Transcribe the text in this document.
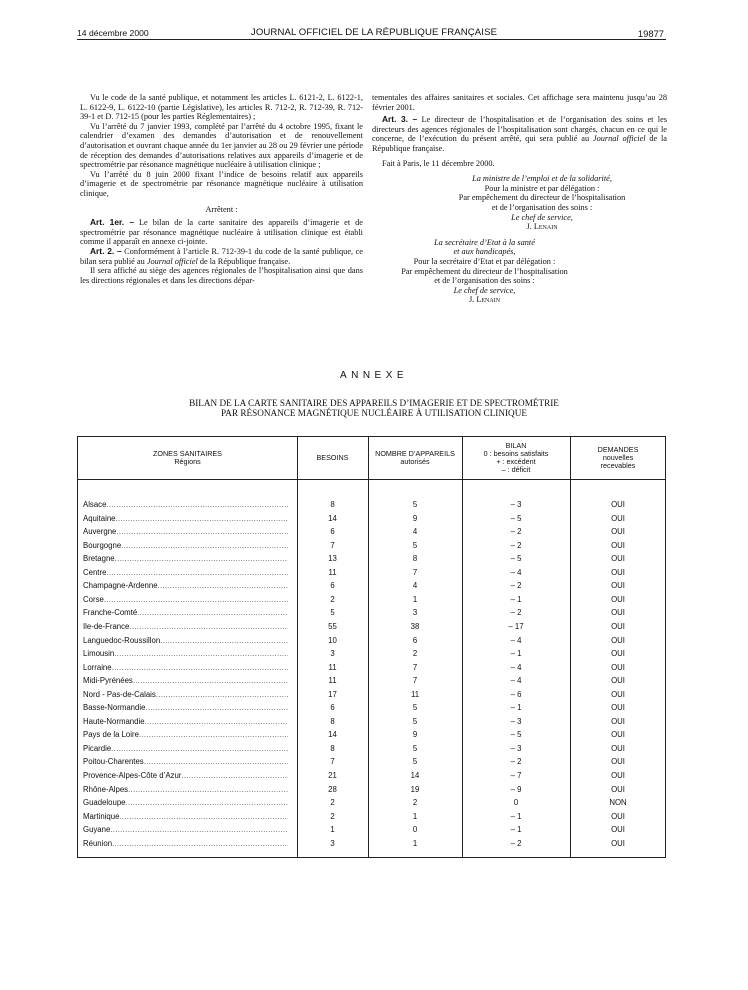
14 décembre 2000	JOURNAL OFFICIEL DE LA RÉPUBLIQUE FRANÇAISE	19877

Vu le code de la santé publique, et notamment les articles L. 6121-2, L. 6122-1, L. 6122-9, L. 6122-10 (partie Législative), les articles R. 712-2, R. 712-39, R. 712-39-1 et D. 712-15 (pour les parties Réglementaires) ;

Vu l’arrêté du 7 janvier 1993, complété par l’arrêté du 4 octobre 1995, fixant le calendrier d’examen des demandes d’autorisation et de renouvellement d’autorisation et ouvrant chaque année du 1er janvier au 28 ou 29 février une période de réception des demandes d’autorisations relatives aux appareils d’imagerie et de spectrométrie par résonance magnétique nucléaire à utilisation clinique ;

Vu l’arrêté du 8 juin 2000 fixant l’indice de besoins relatif aux appareils d’imagerie et de spectrométrie par résonance magnétique nucléaire à utilisation clinique,

Arrêtent :

Art. 1er. – Le bilan de la carte sanitaire des appareils d’imagerie et de spectrométrie par résonance magnétique nucléaire à utilisation clinique est établi comme il apparaît en annexe ci-jointe.

Art. 2. – Conformément à l’article R. 712-39-1 du code de la santé publique, ce bilan sera publié au Journal officiel de la République française.

Il sera affiché au siège des agences régionales de l’hospitalisation ainsi que dans les directions régionales et dans les directions dépar-

tementales des affaires sanitaires et sociales. Cet affichage sera maintenu jusqu’au 28 février 2001.

Art. 3. – Le directeur de l’hospitalisation et de l’organisation des soins et les directeurs des agences régionales de l’hospitalisation sont chargés, chacun en ce qui le concerne, de l’exécution du présent arrêté, qui sera publié au Journal officiel de la République française.

Fait à Paris, le 11 décembre 2000.

La ministre de l’emploi et de la solidarité,

Pour la ministre et par délégation :

Par empêchement du directeur de l’hospitalisation

et de l’organisation des soins :

Le chef de service,

J. Lenain

La secrétaire d’Etat à la santé

et aux handicapés,

Pour la secrétaire d’Etat et par délégation :

Par empêchement du directeur de l’hospitalisation

et de l’organisation des soins :

Le chef de service,

J. Lenain

ANNEXE
BILAN DE LA CARTE SANITAIRE DES APPAREILS D’IMAGERIE ET DE SPECTROMÉTRIE
PAR RÉSONANCE MAGNÉTIQUE NUCLÉAIRE À UTILISATION CLINIQUE
ZONES SANITAIRES
Régions	BESOINS	NOMBRE D’APPAREILS
autorisés
BILAN
0 : besoins satisfaits
+ : excédent
– : déficit
DEMANDES
nouvelles
recevables
Alsace .....	8	5	– 3	OUI
Aquitaine .....	14	9	– 5	OUI
Auvergne .....	6	4	– 2	OUI
Bourgogne .....	7	5	– 2	OUI
Bretagne .....	13	8	– 5	OUI
Centre .....	11	7	– 4	OUI
Champagne-Ardenne .....	6	4	– 2	OUI
Corse .....	2	1	– 1	OUI
Franche-Comté .....	5	3	– 2	OUI
Ile-de-France .....	55	38	– 17	OUI
Languedoc-Roussillon .....	10	6	– 4	OUI
Limousin .....	3	2	– 1	OUI
Lorraine .....	11	7	– 4	OUI
Midi-Pyrénées .....	11	7	– 4	OUI
Nord - Pas-de-Calais .....	17	11	– 6	OUI
Basse-Normandie .....	6	5	– 1	OUI
Haute-Normandie .....	8	5	– 3	OUI
Pays de la Loire .....	14	9	– 5	OUI
Picardie .....	8	5	– 3	OUI
Poitou-Charentes .....	7	5	– 2	OUI
Provence-Alpes-Côte d’Azur .....	21	14	– 7	OUI
Rhône-Alpes .....	28	19	– 9	OUI
Guadeloupe .....	2	2	0	NON
Martinique .....	2	1	– 1	OUI
Guyane .....	1	0	– 1	OUI
Réunion .....	3	1	– 2	OUI
